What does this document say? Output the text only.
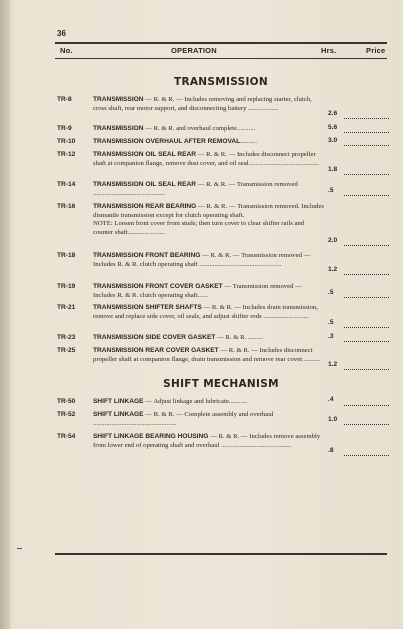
36
No.	OPERATION	Hrs.	Price
TRANSMISSION
TR-8	TRANSMISSION — R. & R. — Includes removing and replacing starter, clutch, cross shaft, rear motor support, and disconnecting battery ..................
2.6
TR-9	TRANSMISSION — R. & R. and overhaul complete...........	5.6
TR-10	TRANSMISSION OVERHAUL AFTER REMOVAL..........	3.0
TR-12	TRANSMISSION OIL SEAL REAR — R. & R. — Includes disconnect propeller shaft at companion flange, remove dust cover, and oil seal..........................................
1.8
TR-14	TRANSMISSION OIL SEAL REAR — R. & R. — Transmission removed ...........................................	.5
TR-16	TRANSMISSION REAR BEARING — R. & R. — Transmission removed. Includes dismantle transmission except for clutch operating shaft.
NOTE: Loosen front cover from studs; then turn cover to clear shifter rails and counter shaft......................
2.0
TR-18	TRANSMISSION FRONT BEARING — R. & R. — Transmission removed — Includes R. & R. clutch operating shaft .................................................
1.2
TR-19	TRANSMISSION FRONT COVER GASKET — Transmission removed — Includes R. & R. clutch operating shaft......	.5
TR-21	TRANSMISSION SHIFTER SHAFTS — R. & R. — Includes drain transmission, remove and replace side cover, oil seals, and adjust shifter rods ...........................
.5
TR-23	TRANSMISSION SIDE COVER GASKET — R. & R. .........	.3
TR-25	TRANSMISSION REAR COVER GASKET — R. & R. — Includes disconnect propeller shaft at companion flange, drain transmission and remove rear cover...........
1.2
SHIFT MECHANISM
TR-50	SHIFT LINKAGE — Adjust linkage and lubricate...........	.4
TR-52	SHIFT LINKAGE — R. & R. — Complete assembly and overhaul ..................................................
1.0
TR-54	SHIFT LINKAGE BEARING HOUSING — R. & R. — Includes remove assembly from lower end of operating shaft and overhaul ..........................................
.8
